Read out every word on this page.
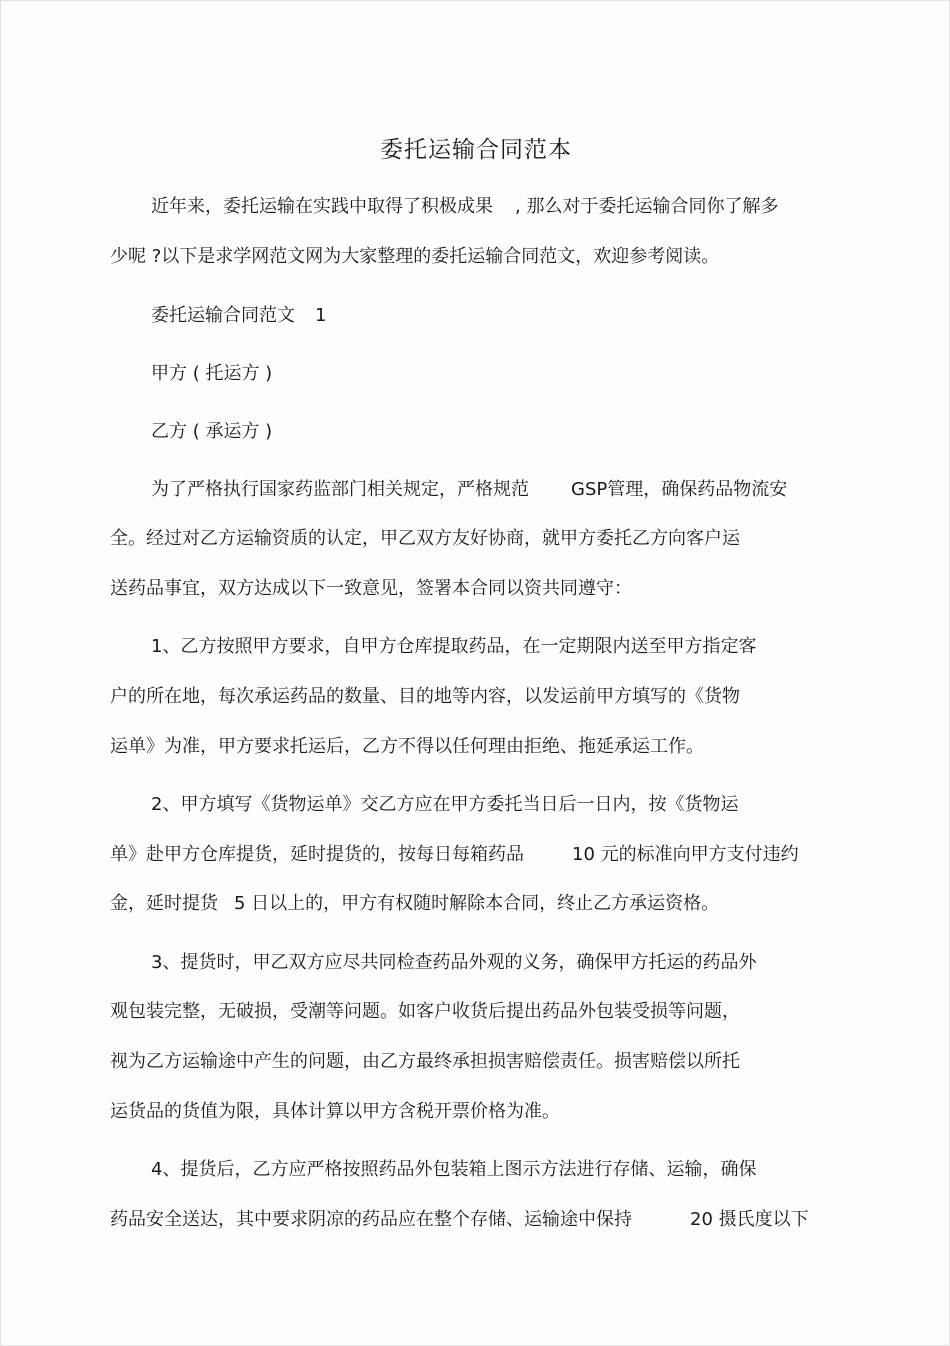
委托运输合同范本
近年来，委托运输在实践中取得了积极成果 , 那么对于委托运输合同你了解多
少呢 ?以下是求学网范文网为大家整理的委托运输合同范文，欢迎参考阅读。
委托运输合同范文 1
甲方 ( 托运方 )
乙方 ( 承运方 )
为了严格执行国家药监部门相关规定，严格规范 GSP管理，确保药品物流安
全。经过对乙方运输资质的认定，甲乙双方友好协商，就甲方委托乙方向客户运
送药品事宜，双方达成以下一致意见，签署本合同以资共同遵守：
1、乙方按照甲方要求，自甲方仓库提取药品，在一定期限内送至甲方指定客
户的所在地，每次承运药品的数量、目的地等内容，以发运前甲方填写的《货物
运单》为准，甲方要求托运后，乙方不得以任何理由拒绝、拖延承运工作。
2、甲方填写《货物运单》交乙方应在甲方委托当日后一日内，按《货物运
单》赴甲方仓库提货，延时提货的，按每日每箱药品	10 元的标准向甲方支付违约
金，延时提货 5 日以上的，甲方有权随时解除本合同，终止乙方承运资格。
3、提货时，甲乙双方应尽共同检查药品外观的义务，确保甲方托运的药品外
观包装完整，无破损，受潮等问题。如客户收货后提出药品外包装受损等问题，
视为乙方运输途中产生的问题，由乙方最终承担损害赔偿责任。损害赔偿以所托
运货品的货值为限，具体计算以甲方含税开票价格为准。
4、提货后，乙方应严格按照药品外包装箱上图示方法进行存储、运输，确保
药品安全送达，其中要求阴凉的药品应在整个存储、运输途中保持	20 摄氏度以下
